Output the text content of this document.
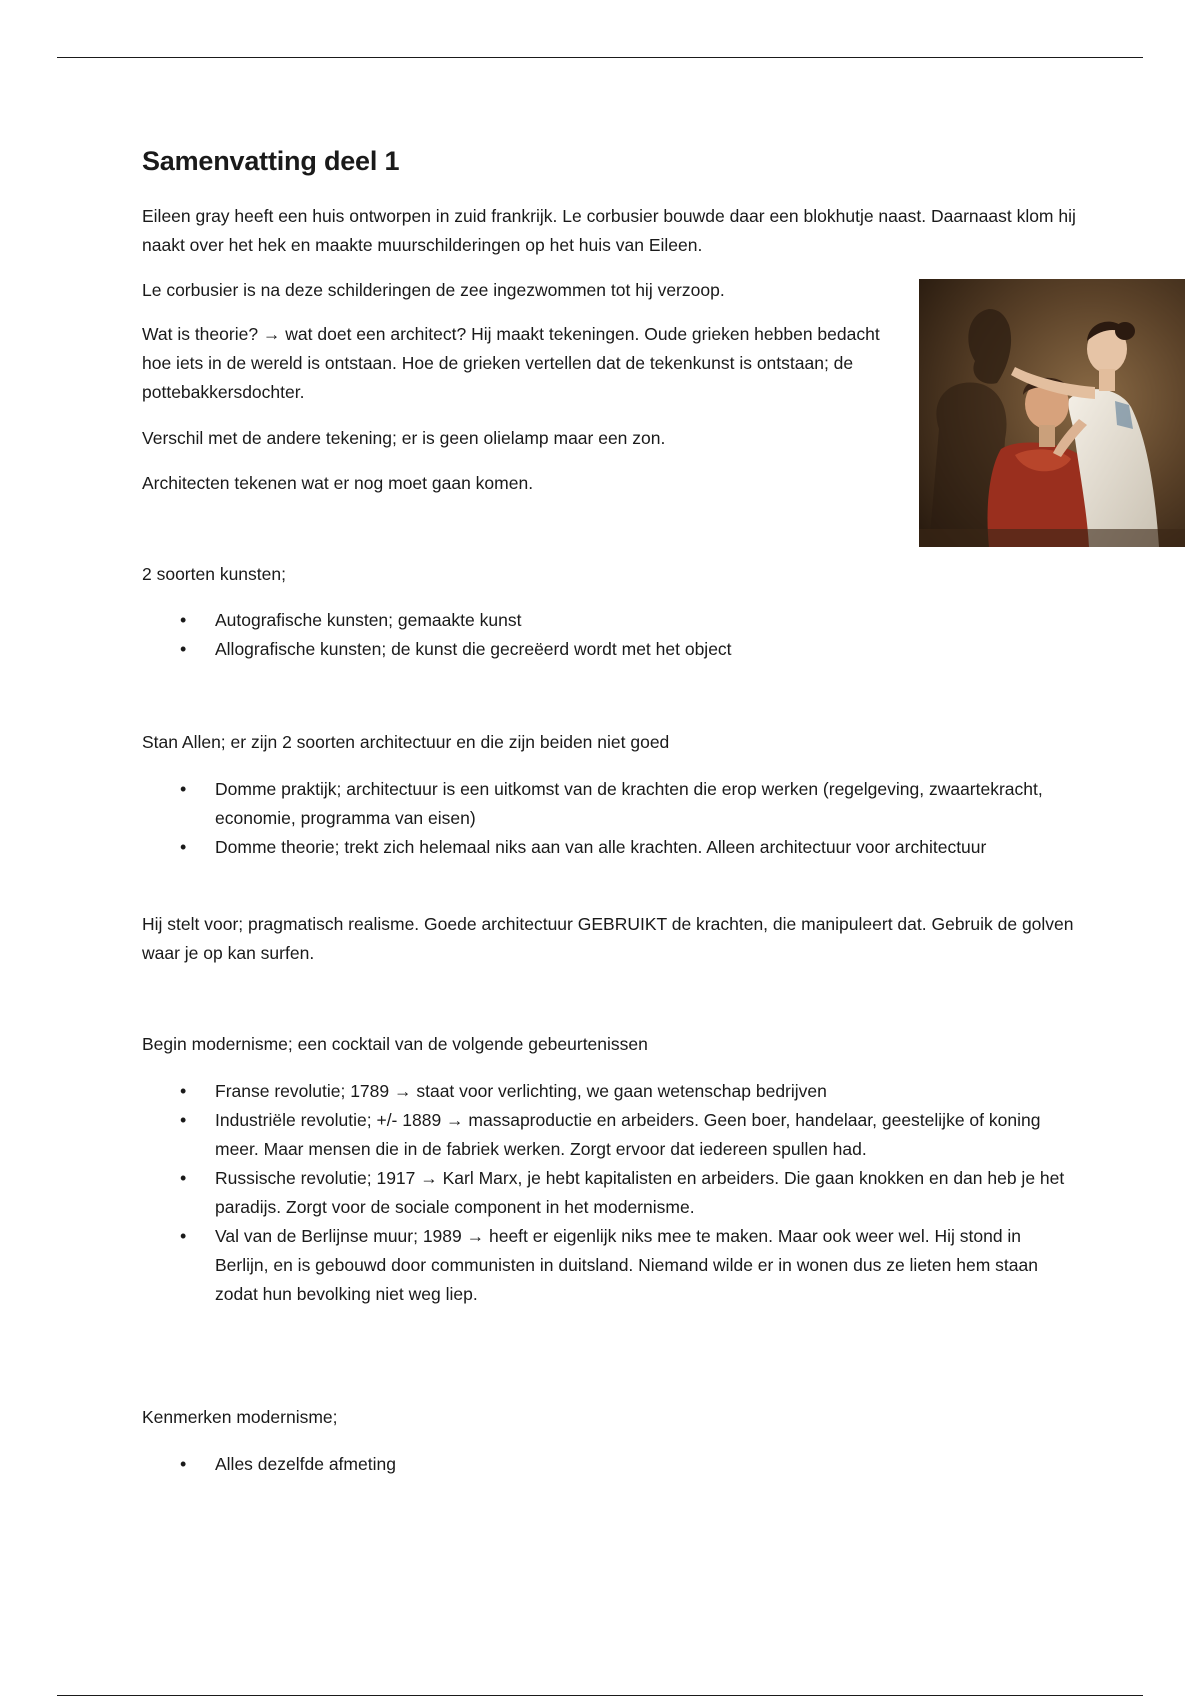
Samenvatting deel 1

Eileen gray heeft een huis ontworpen in zuid frankrijk. Le corbusier bouwde daar een blokhutje naast. Daarnaast klom hij naakt over het hek en maakte muurschilderingen op het huis van Eileen.

Le corbusier is na deze schilderingen de zee ingezwommen tot hij verzoop.

Wat is theorie? → wat doet een architect? Hij maakt tekeningen. Oude grieken hebben bedacht hoe iets in de wereld is ontstaan. Hoe de grieken vertellen dat de tekenkunst is ontstaan; de pottebakkersdochter.

Verschil met de andere tekening; er is geen olielamp maar een zon.

Architecten tekenen wat er nog moet gaan komen.

2 soorten kunsten;

• Autografische kunsten; gemaakte kunst
• Allografische kunsten; de kunst die gecreëerd wordt met het object

Stan Allen; er zijn 2 soorten architectuur en die zijn beiden niet goed

• Domme praktijk; architectuur is een uitkomst van de krachten die erop werken (regelgeving, zwaartekracht, economie, programma van eisen)
• Domme theorie; trekt zich helemaal niks aan van alle krachten. Alleen architectuur voor architectuur

Hij stelt voor; pragmatisch realisme. Goede architectuur GEBRUIKT de krachten, die manipuleert dat. Gebruik de golven waar je op kan surfen.

Begin modernisme; een cocktail van de volgende gebeurtenissen

• Franse revolutie; 1789 → staat voor verlichting, we gaan wetenschap bedrijven
• Industriële revolutie; +/- 1889 → massaproductie en arbeiders. Geen boer, handelaar, geestelijke of koning meer. Maar mensen die in de fabriek werken. Zorgt ervoor dat iedereen spullen had.
• Russische revolutie; 1917 → Karl Marx, je hebt kapitalisten en arbeiders. Die gaan knokken en dan heb je het paradijs. Zorgt voor de sociale component in het modernisme.
• Val van de Berlijnse muur; 1989 → heeft er eigenlijk niks mee te maken. Maar ook weer wel. Hij stond in Berlijn, en is gebouwd door communisten in duitsland. Niemand wilde er in wonen dus ze lieten hem staan zodat hun bevolking niet weg liep.

Kenmerken modernisme;

• Alles dezelfde afmeting
